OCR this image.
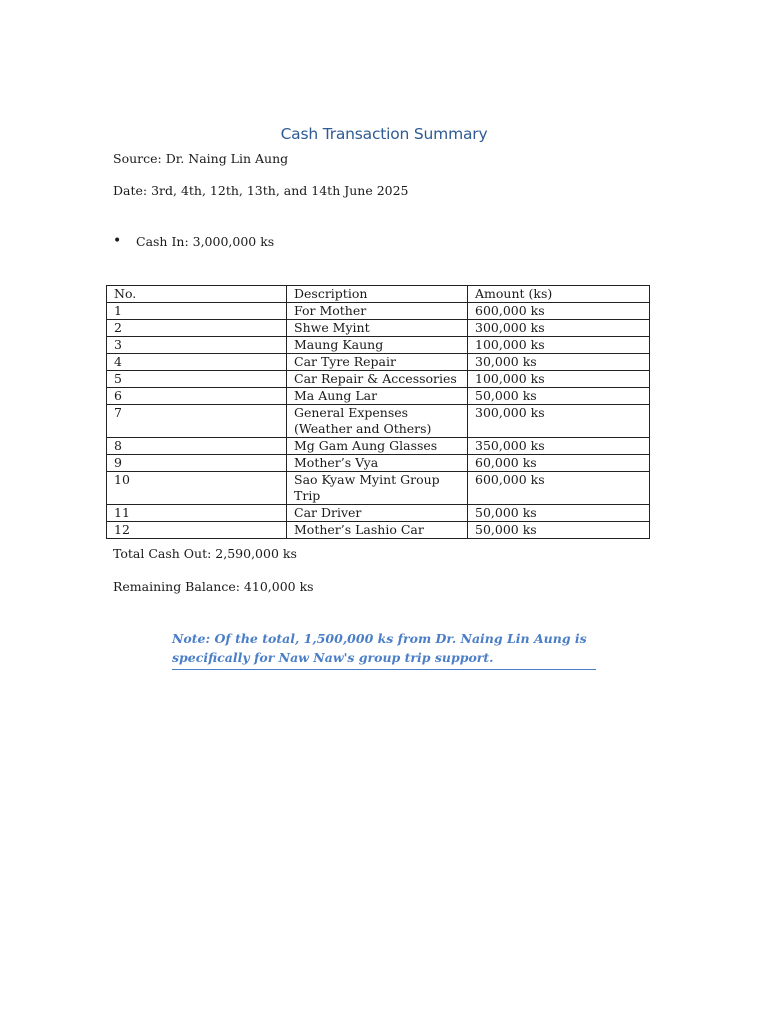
Cash Transaction Summary
Source: Dr. Naing Lin Aung
Date: 3rd, 4th, 12th, 13th, and 14th June 2025
• Cash In: 3,000,000 ks
No.	Description	Amount (ks)
1	For Mother	600,000 ks
2	Shwe Myint	300,000 ks
3	Maung Kaung	100,000 ks
4	Car Tyre Repair	30,000 ks
5	Car Repair & Accessories	100,000 ks
6	Ma Aung Lar	50,000 ks
7	General Expenses (Weather and Others)	300,000 ks
8	Mg Gam Aung Glasses	350,000 ks
9	Mother’s Vya	60,000 ks
10	Sao Kyaw Myint Group Trip	600,000 ks
11	Car Driver	50,000 ks
12	Mother’s Lashio Car	50,000 ks
Total Cash Out: 2,590,000 ks
Remaining Balance: 410,000 ks
Note: Of the total, 1,500,000 ks from Dr. Naing Lin Aung is specifically for Naw Naw's group trip support.
